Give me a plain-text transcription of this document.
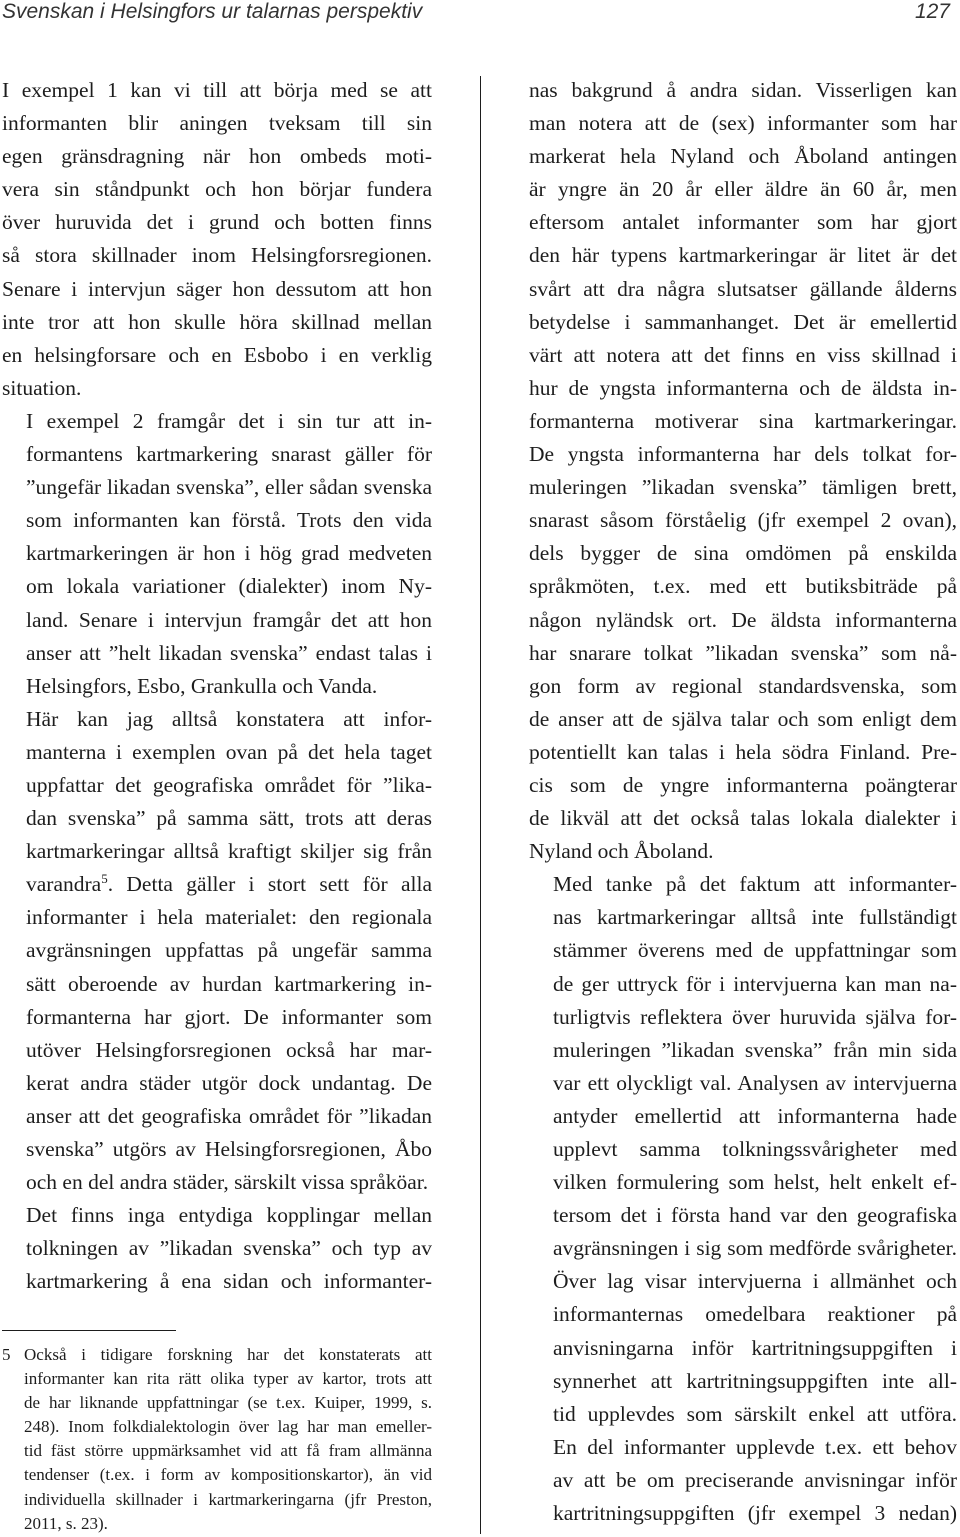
Svenskan i Helsingfors ur talarnas perspektiv	127

I exempel 1 kan vi till att börja med se att
informanten blir aningen tveksam till sin
egen gränsdragning när hon ombeds moti-
vera sin ståndpunkt och hon börjar fundera
över huruvida det i grund och botten finns
så stora skillnader inom Helsingforsregionen.
Senare i intervjun säger hon dessutom att hon
inte tror att hon skulle höra skillnad mellan
en helsingforsare och en Esbobo i en verklig
situation.

I exempel 2 framgår det i sin tur att in-
formantens kartmarkering snarast gäller för
”ungefär likadan svenska”, eller sådan svenska
som informanten kan förstå. Trots den vida
kartmarkeringen är hon i hög grad medveten
om lokala variationer (dialekter) inom Ny-
land. Senare i intervjun framgår det att hon
anser att ”helt likadan svenska” endast talas i
Helsingfors, Esbo, Grankulla och Vanda.

Här kan jag alltså konstatera att infor-
manterna i exemplen ovan på det hela taget
uppfattar det geografiska området för ”lika-
dan svenska” på samma sätt, trots att deras
kartmarkeringar alltså kraftigt skiljer sig från
varandra$^5$. Detta gäller i stort sett för alla
informanter i hela materialet: den regionala
avgränsningen uppfattas på ungefär samma
sätt oberoende av hurdan kartmarkering in-
formanterna har gjort. De informanter som
utöver Helsingforsregionen också har mar-
kerat andra städer utgör dock undantag. De
anser att det geografiska området för ”likadan
svenska” utgörs av Helsingforsregionen, Åbo
och en del andra städer, särskilt vissa språköar.

Det finns inga entydiga kopplingar mellan
tolkningen av ”likadan svenska” och typ av
kartmarkering å ena sidan och informanter-

nas bakgrund å andra sidan. Visserligen kan
man notera att de (sex) informanter som har
markerat hela Nyland och Åboland antingen
är yngre än 20 år eller äldre än 60 år, men
eftersom antalet informanter som har gjort
den här typens kartmarkeringar är litet är det
svårt att dra några slutsatser gällande ålderns
betydelse i sammanhanget. Det är emellertid
värt att notera att det finns en viss skillnad i
hur de yngsta informanterna och de äldsta in-
formanterna motiverar sina kartmarkeringar.
De yngsta informanterna har dels tolkat for-
muleringen ”likadan svenska” tämligen brett,
snarast såsom förståelig (jfr exempel 2 ovan),
dels bygger de sina omdömen på enskilda
språkmöten, t.ex. med ett butiksbiträde på
någon nyländsk ort. De äldsta informanterna
har snarare tolkat ”likadan svenska” som nå-
gon form av regional standardsvenska, som
de anser att de själva talar och som enligt dem
potentiellt kan talas i hela södra Finland. Pre-
cis som de yngre informanterna poängterar
de likväl att det också talas lokala dialekter i
Nyland och Åboland.

Med tanke på det faktum att informanter-
nas kartmarkeringar alltså inte fullständigt
stämmer överens med de uppfattningar som
de ger uttryck för i intervjuerna kan man na-
turligtvis reflektera över huruvida själva for-
muleringen ”likadan svenska” från min sida
var ett olyckligt val. Analysen av intervjuerna
antyder emellertid att informanterna hade
upplevt samma tolkningssvårigheter med
vilken formulering som helst, helt enkelt ef-
tersom det i första hand var den geografiska
avgränsningen i sig som medförde svårigheter.
Över lag visar intervjuerna i allmänhet och
informanternas omedelbara reaktioner på
anvisningarna inför kartritningsuppgiften i
synnerhet att kartritningsuppgiften inte all-
tid upplevdes som särskilt enkel att utföra.
En del informanter upplevde t.ex. ett behov
av att be om preciserande anvisningar inför
kartritningsuppgiften (jfr exempel 3 nedan)

5 Också i tidigare forskning har det konstaterats att
informanter kan rita rätt olika typer av kartor, trots att
de har liknande uppfattningar (se t.ex. Kuiper, 1999, s.
248). Inom folkdialektologin över lag har man emeller-
tid fäst större uppmärksamhet vid att få fram allmänna
tendenser (t.ex. i form av kompositionskartor), än vid
individuella skillnader i kartmarkeringarna (jfr Preston,
2011, s. 23).
